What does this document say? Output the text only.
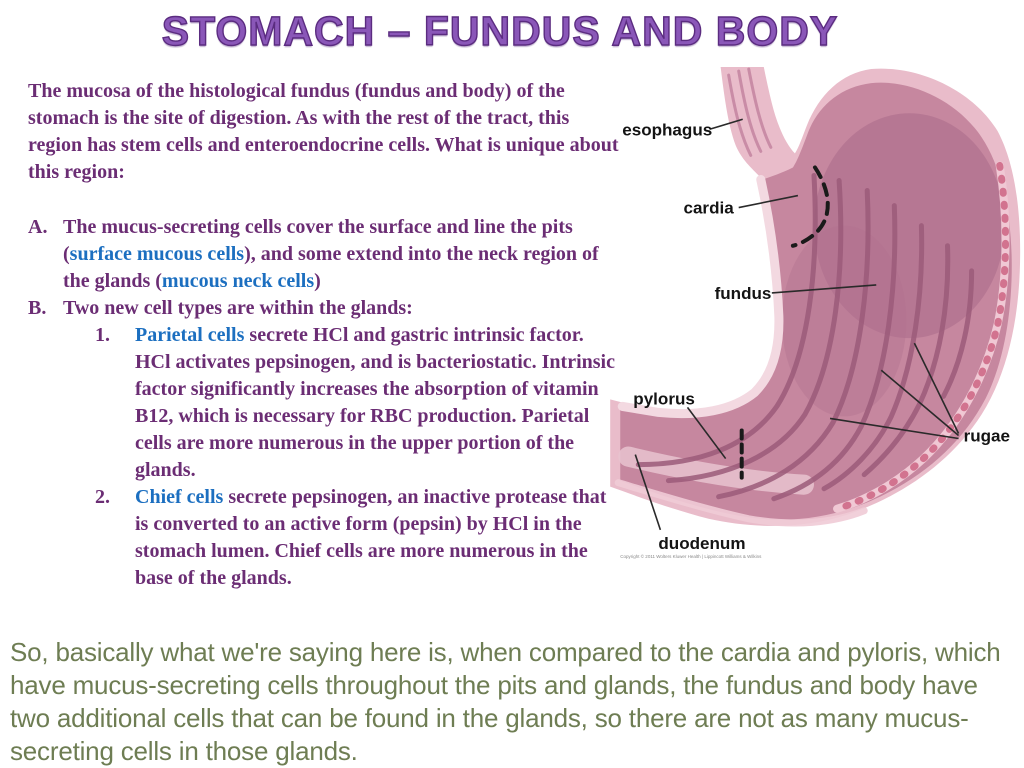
STOMACH – FUNDUS AND BODY

The mucosa of the histological fundus (fundus and body) of the stomach is the site of digestion. As with the rest of the tract, this region has stem cells and enteroendocrine cells. What is unique about this region:

A. The mucus-secreting cells cover the surface and line the pits (surface mucous cells), and some extend into the neck region of the glands (mucous neck cells)
B. Two new cell types are within the glands:
1.	Parietal cells secrete HCl and gastric intrinsic factor. HCl activates pepsinogen, and is bacteriostatic. Intrinsic factor significantly increases the absorption of vitamin B12, which is necessary for RBC production. Parietal cells are more numerous in the upper portion of the glands.
2.	Chief cells secrete pepsinogen, an inactive protease that is converted to an active form (pepsin) by HCl in the stomach lumen. Chief cells are more numerous in the base of the glands.
So, basically what we're saying here is, when compared to the cardia and pyloris, which have mucus-secreting cells throughout the pits and glands, the fundus and body have two additional cells that can be found in the glands, so there are not as many mucus-secreting cells in those glands.
esophagus
cardia
fundus
pylorus
rugae
duodenum
Copyright © 2011 Wolters Kluwer Health | Lippincott Williams & Wilkins
